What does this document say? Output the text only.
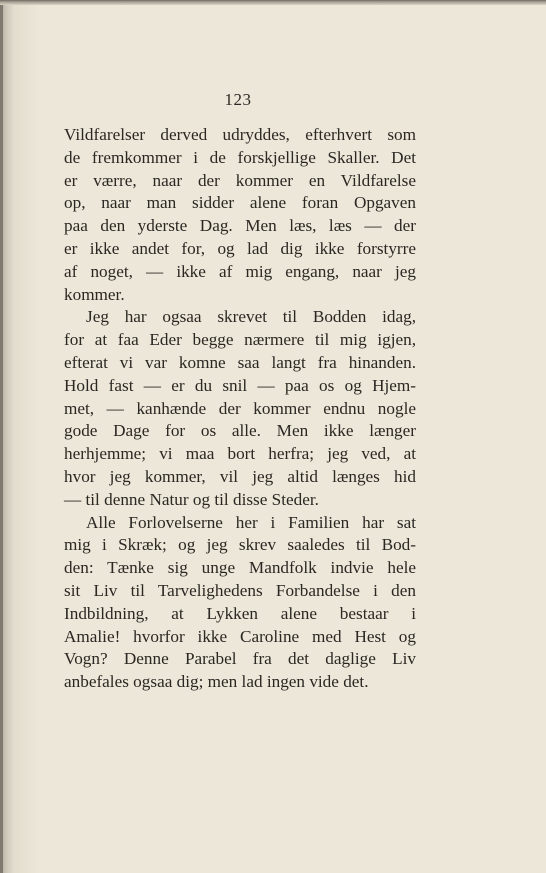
123
Vildfarelser derved udryddes, efterhvert som
de fremkommer i de forskjellige Skaller. Det
er værre, naar der kommer en Vildfarelse
op, naar man sidder alene foran Opgaven
paa den yderste Dag. Men læs, læs — der
er ikke andet for, og lad dig ikke forstyrre
af noget, — ikke af mig engang, naar jeg
kommer.
Jeg har ogsaa skrevet til Bodden idag,
for at faa Eder begge nærmere til mig igjen,
efterat vi var komne saa langt fra hinanden.
Hold fast — er du snil — paa os og Hjem-
met, — kanhænde der kommer endnu nogle
gode Dage for os alle. Men ikke længer
herhjemme; vi maa bort herfra; jeg ved, at
hvor jeg kommer, vil jeg altid længes hid
— til denne Natur og til disse Steder.
Alle Forlovelserne her i Familien har sat
mig i Skræk; og jeg skrev saaledes til Bod-
den: Tænke sig unge Mandfolk indvie hele
sit Liv til Tarvelighedens Forbandelse i den
Indbildning, at Lykken alene bestaar i
Amalie! hvorfor ikke Caroline med Hest og
Vogn? Denne Parabel fra det daglige Liv
anbefales ogsaa dig; men lad ingen vide det.
